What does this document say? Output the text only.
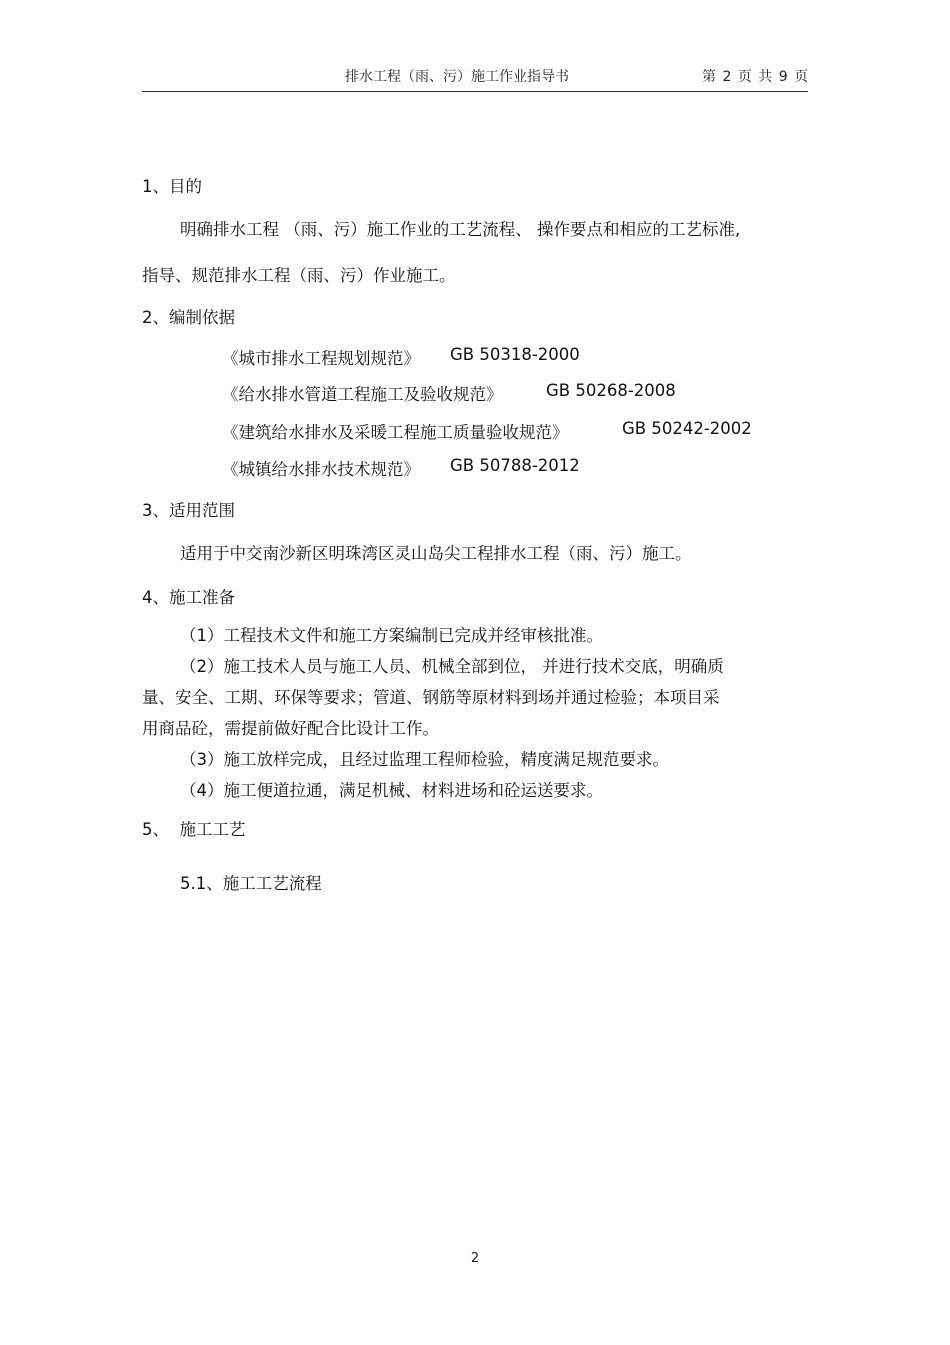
排水工程（雨、污）施工作业指导书	第 2 页 共 9 页
1、目的
明确排水工程 （雨、污）施工作业的工艺流程、 操作要点和相应的工艺标准,
指导、规范排水工程（雨、污）作业施工。
2、编制依据
《城市排水工程规划规范》 GB 50318-2000
《给水排水管道工程施工及验收规范》	GB 50268-2008
《建筑给水排水及采暖工程施工质量验收规范》	GB 50242-2002
《城镇给水排水技术规范》 GB 50788-2012
3、适用范围
适用于中交南沙新区明珠湾区灵山岛尖工程排水工程（雨、污）施工。
4、施工准备
（1）工程技术文件和施工方案编制已完成并经审核批准。
（2）施工技术人员与施工人员、机械全部到位， 并进行技术交底，明确质
量、安全、工期、环保等要求；管道、钢筋等原材料到场并通过检验；本项目采
用商品砼，需提前做好配合比设计工作。
（3）施工放样完成，且经过监理工程师检验，精度满足规范要求。
（4）施工便道拉通，满足机械、材料进场和砼运送要求。
5、  施工工艺
5.1、施工工艺流程
2
